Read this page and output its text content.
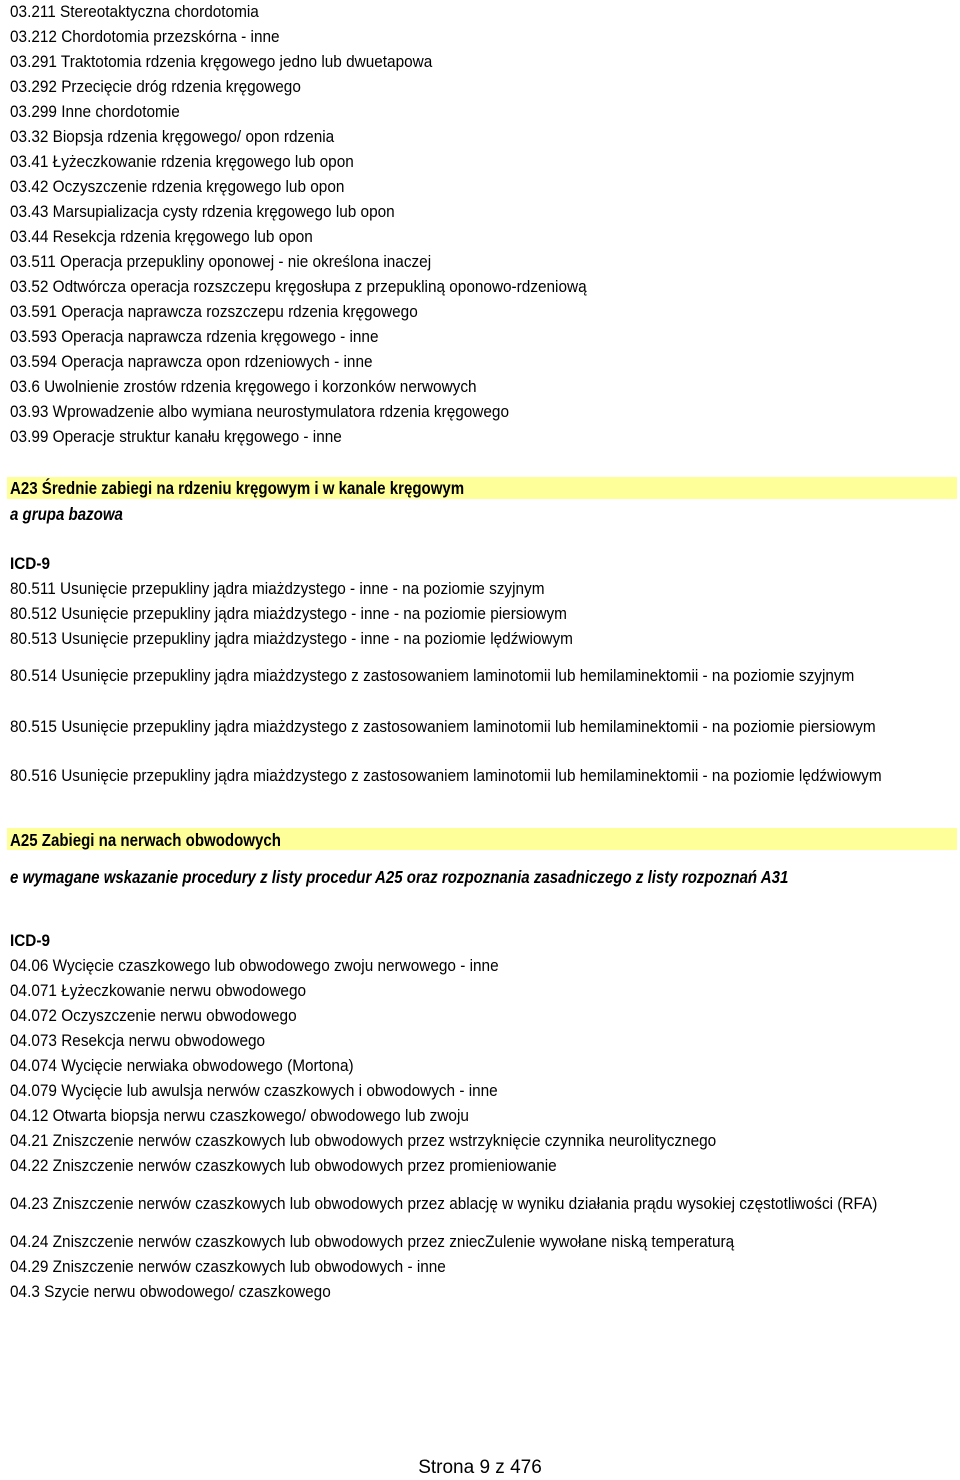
03.211 Stereotaktyczna chordotomia
03.212 Chordotomia przezskórna - inne
03.291 Traktotomia rdzenia kręgowego jedno lub dwuetapowa
03.292 Przecięcie dróg rdzenia kręgowego
03.299 Inne chordotomie
03.32 Biopsja rdzenia kręgowego/ opon rdzenia
03.41 Łyżeczkowanie rdzenia kręgowego lub opon
03.42 Oczyszczenie rdzenia kręgowego lub opon
03.43 Marsupializacja cysty rdzenia kręgowego lub opon
03.44 Resekcja rdzenia kręgowego lub opon
03.511 Operacja przepukliny oponowej - nie określona inaczej
03.52 Odtwórcza operacja rozszczepu kręgosłupa z przepukliną oponowo-rdzeniową
03.591 Operacja naprawcza rozszczepu rdzenia kręgowego
03.593 Operacja naprawcza rdzenia kręgowego - inne
03.594 Operacja naprawcza opon rdzeniowych - inne
03.6 Uwolnienie zrostów rdzenia kręgowego i korzonków nerwowych
03.93 Wprowadzenie albo wymiana neurostymulatora rdzenia kręgowego
03.99 Operacje struktur kanału kręgowego - inne
A23 Średnie zabiegi na rdzeniu kręgowym i w kanale kręgowym
a grupa bazowa
ICD-9
80.511 Usunięcie przepukliny jądra miażdzystego - inne - na poziomie szyjnym
80.512 Usunięcie przepukliny jądra miażdzystego - inne - na poziomie piersiowym
80.513 Usunięcie przepukliny jądra miażdzystego - inne - na poziomie lędźwiowym
80.514 Usunięcie przepukliny jądra miażdzystego z zastosowaniem laminotomii lub hemilaminektomii - na poziomie szyjnym
80.515 Usunięcie przepukliny jądra miażdzystego z zastosowaniem laminotomii lub hemilaminektomii - na poziomie piersiowym
80.516 Usunięcie przepukliny jądra miażdzystego z zastosowaniem laminotomii lub hemilaminektomii - na poziomie lędźwiowym
A25 Zabiegi na nerwach obwodowych
e wymagane wskazanie procedury z listy procedur A25 oraz rozpoznania zasadniczego z listy rozpoznań A31
ICD-9
04.06 Wycięcie czaszkowego lub obwodowego zwoju nerwowego - inne
04.071 Łyżeczkowanie nerwu obwodowego
04.072 Oczyszczenie nerwu obwodowego
04.073 Resekcja nerwu obwodowego
04.074 Wycięcie nerwiaka obwodowego (Mortona)
04.079 Wycięcie lub awulsja nerwów czaszkowych i obwodowych - inne
04.12 Otwarta biopsja nerwu czaszkowego/ obwodowego lub zwoju
04.21 Zniszczenie nerwów czaszkowych lub obwodowych przez wstrzyknięcie czynnika neurolitycznego
04.22 Zniszczenie nerwów czaszkowych lub obwodowych przez promieniowanie
04.23 Zniszczenie nerwów czaszkowych lub obwodowych przez ablację w wyniku działania prądu wysokiej częstotliwości (RFA)
04.24 Zniszczenie nerwów czaszkowych lub obwodowych przez zniecZulenie wywołane niską temperaturą
04.29 Zniszczenie nerwów czaszkowych lub obwodowych - inne
04.3 Szycie nerwu obwodowego/ czaszkowego
Strona 9 z 476
